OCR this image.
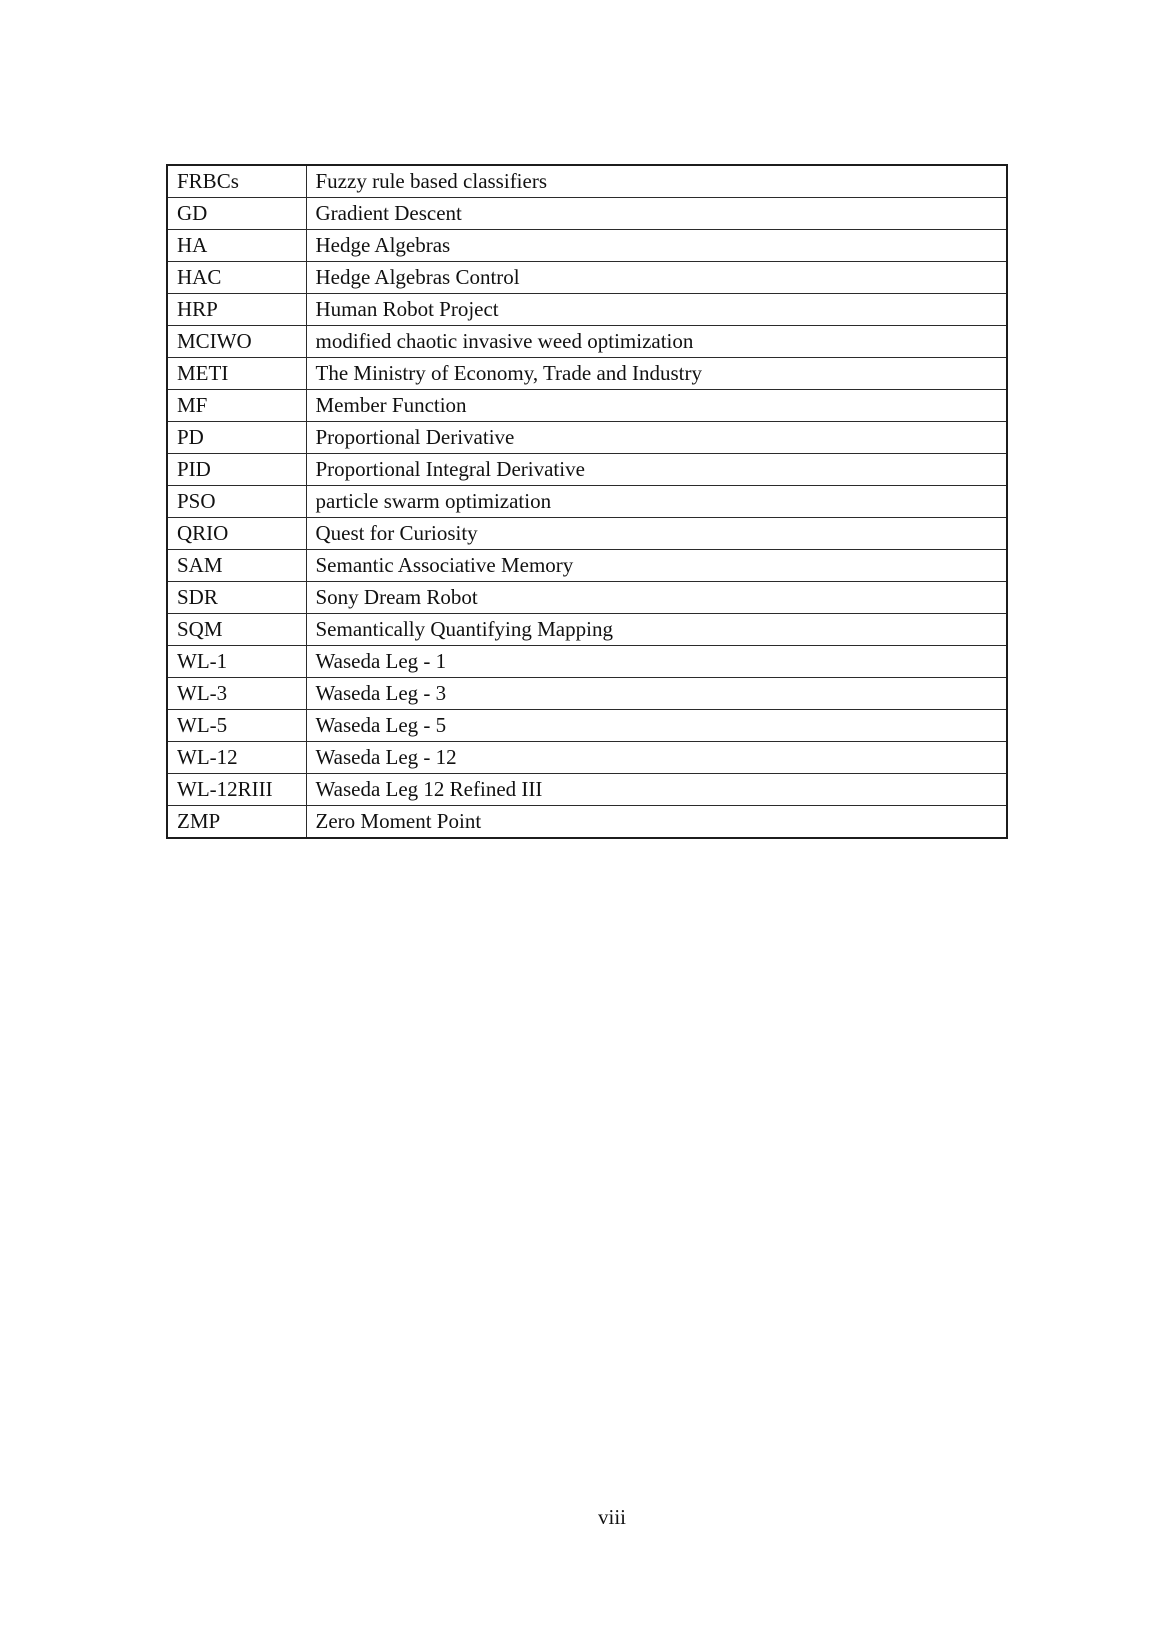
FRBCs	Fuzzy rule based classifiers
GD	Gradient Descent
HA	Hedge Algebras
HAC	Hedge Algebras Control
HRP	Human Robot Project
MCIWO	modified chaotic invasive weed optimization
METI	The Ministry of Economy, Trade and Industry
MF	Member Function
PD	Proportional Derivative
PID	Proportional Integral Derivative
PSO	particle swarm optimization
QRIO	Quest for Curiosity
SAM	Semantic Associative Memory
SDR	Sony Dream Robot
SQM	Semantically Quantifying Mapping
WL-1	Waseda Leg - 1
WL-3	Waseda Leg - 3
WL-5	Waseda Leg - 5
WL-12	Waseda Leg - 12
WL-12RIII	Waseda Leg 12 Refined III
ZMP	Zero Moment Point
viii
